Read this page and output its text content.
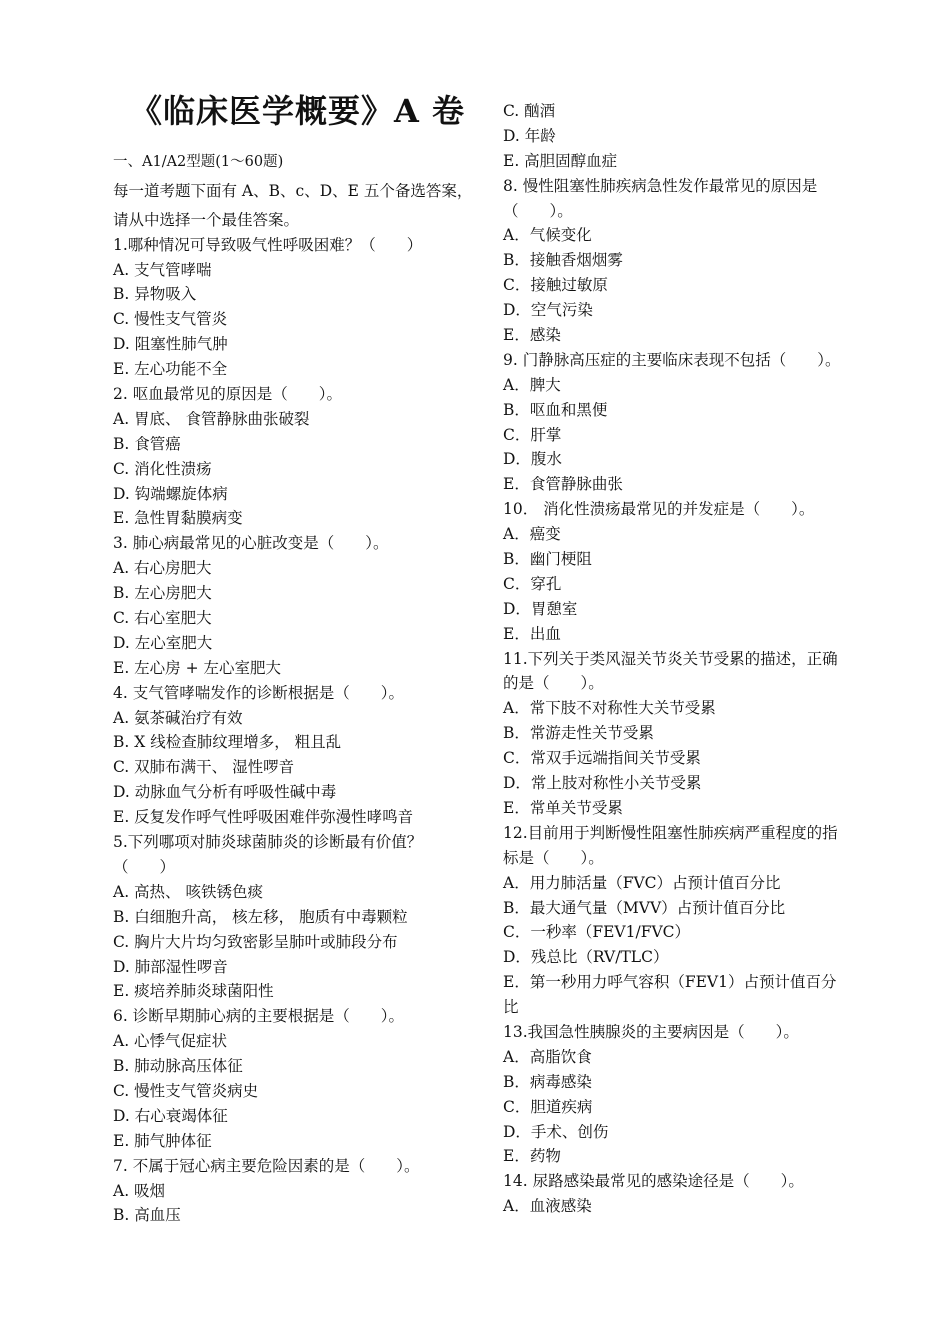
《临床医学概要》A 卷
一、A1/A2型题(1～60题)
每一道考题下面有 A、B、c、D、E 五个备选答案，
请从中选择一个最佳答案。
1.哪种情况可导致吸气性呼吸困难？（　　）
A. 支气管哮喘
B. 异物吸入
C. 慢性支气管炎
D. 阻塞性肺气肿
E. 左心功能不全
2. 呕血最常见的原因是（　　）。
A. 胃底、 食管静脉曲张破裂
B. 食管癌
C. 消化性溃疡
D. 钩端螺旋体病
E. 急性胃黏膜病变
3. 肺心病最常见的心脏改变是（　　）。
A. 右心房肥大
B. 左心房肥大
C. 右心室肥大
D. 左心室肥大
E. 左心房 + 左心室肥大
4. 支气管哮喘发作的诊断根据是（　　）。
A. 氨茶碱治疗有效
B. X 线检查肺纹理增多， 粗且乱
C. 双肺布满干、 湿性啰音
D. 动脉血气分析有呼吸性碱中毒
E. 反复发作呼气性呼吸困难伴弥漫性哮鸣音
5.下列哪项对肺炎球菌肺炎的诊断最有价值？
（　　）
A. 高热、 咳铁锈色痰
B. 白细胞升高， 核左移， 胞质有中毒颗粒
C. 胸片大片均匀致密影呈肺叶或肺段分布
D. 肺部湿性啰音
E. 痰培养肺炎球菌阳性
6. 诊断早期肺心病的主要根据是（　　）。
A. 心悸气促症状
B. 肺动脉高压体征
C. 慢性支气管炎病史
D. 右心衰竭体征
E. 肺气肿体征
7. 不属于冠心病主要危险因素的是（　　）。
A. 吸烟
B. 高血压
C. 酗酒
D. 年龄
E. 高胆固醇血症
8. 慢性阻塞性肺疾病急性发作最常见的原因是
（　　）。
A．气候变化
B．接触香烟烟雾
C．接触过敏原
D．空气污染
E．感染
9. 门静脉高压症的主要临床表现不包括（　　）。
A．脾大
B．呕血和黑便
C．肝掌
D．腹水
E．食管静脉曲张
10． 消化性溃疡最常见的并发症是（　　）。
A．癌变
B．幽门梗阻
C．穿孔
D．胃憩室
E．出血
11.下列关于类风湿关节炎关节受累的描述，正确
的是（　　）。
A．常下肢不对称性大关节受累
B．常游走性关节受累
C．常双手远端指间关节受累
D．常上肢对称性小关节受累
E．常单关节受累
12.目前用于判断慢性阻塞性肺疾病严重程度的指
标是（　　）。
A．用力肺活量（FVC）占预计值百分比
B．最大通气量（MVV）占预计值百分比
C．一秒率（FEV1/FVC）
D．残总比（RV/TLC）
E．第一秒用力呼气容积（FEV1）占预计值百分
比
13.我国急性胰腺炎的主要病因是（　　）。
A．高脂饮食
B．病毒感染
C．胆道疾病
D．手术、创伤
E．药物
14. 尿路感染最常见的感染途径是（　　）。
A．血液感染
